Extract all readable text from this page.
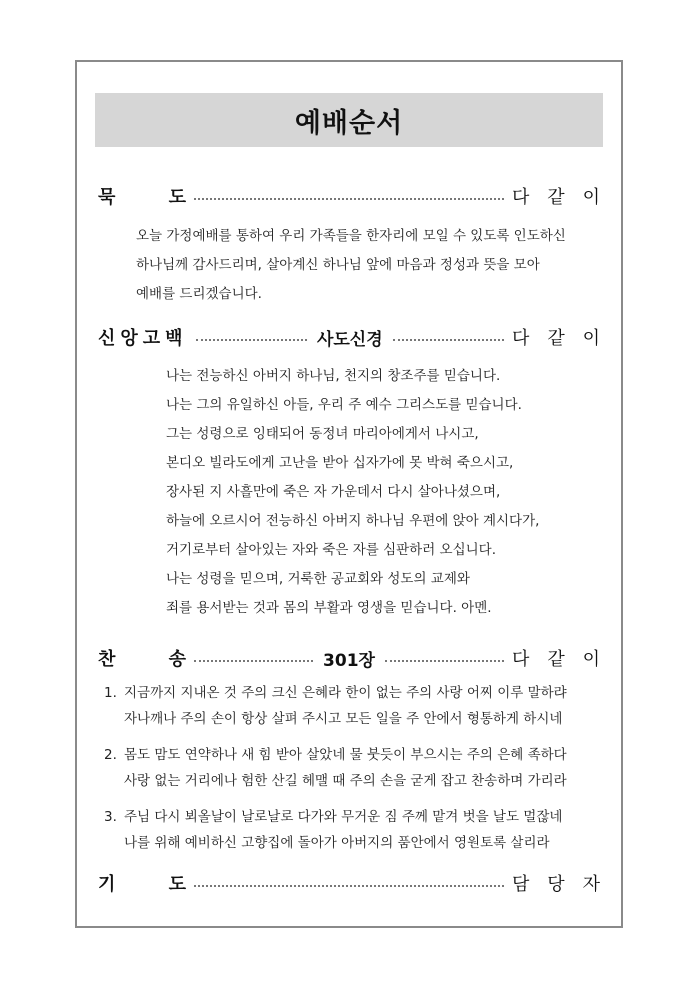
예배순서
묵	도	다 같 이
오늘 가정예배를 통하여 우리 가족들을 한자리에 모일 수 있도록 인도하신
하나님께 감사드리며, 살아계신 하나님 앞에 마음과 정성과 뜻을 모아
예배를 드리겠습니다.
신앙고백	사도신경	다 같 이
나는 전능하신 아버지 하나님, 천지의 창조주를 믿습니다.
나는 그의 유일하신 아들, 우리 주 예수 그리스도를 믿습니다.
그는 성령으로 잉태되어 동정녀 마리아에게서 나시고,
본디오 빌라도에게 고난을 받아 십자가에 못 박혀 죽으시고,
장사된 지 사흘만에 죽은 자 가운데서 다시 살아나셨으며,
하늘에 오르시어 전능하신 아버지 하나님 우편에 앉아 계시다가,
거기로부터 살아있는 자와 죽은 자를 심판하러 오십니다.
나는 성령을 믿으며, 거룩한 공교회와 성도의 교제와
죄를 용서받는 것과 몸의 부활과 영생을 믿습니다. 아멘.
찬	송	301장	다 같 이
1. 지금까지 지내온 것 주의 크신 은혜라 한이 없는 주의 사랑 어찌 이루 말하랴
자나깨나 주의 손이 항상 살펴 주시고 모든 일을 주 안에서 형통하게 하시네
2. 몸도 맘도 연약하나 새 힘 받아 살았네 물 붓듯이 부으시는 주의 은혜 족하다
사랑 없는 거리에나 험한 산길 헤맬 때 주의 손을 굳게 잡고 찬송하며 가리라
3. 주님 다시 뵈올날이 날로날로 다가와 무거운 짐 주께 맡겨 벗을 날도 멀잖네
나를 위해 예비하신 고향집에 돌아가 아버지의 품안에서 영원토록 살리라
기	도	담 당 자
